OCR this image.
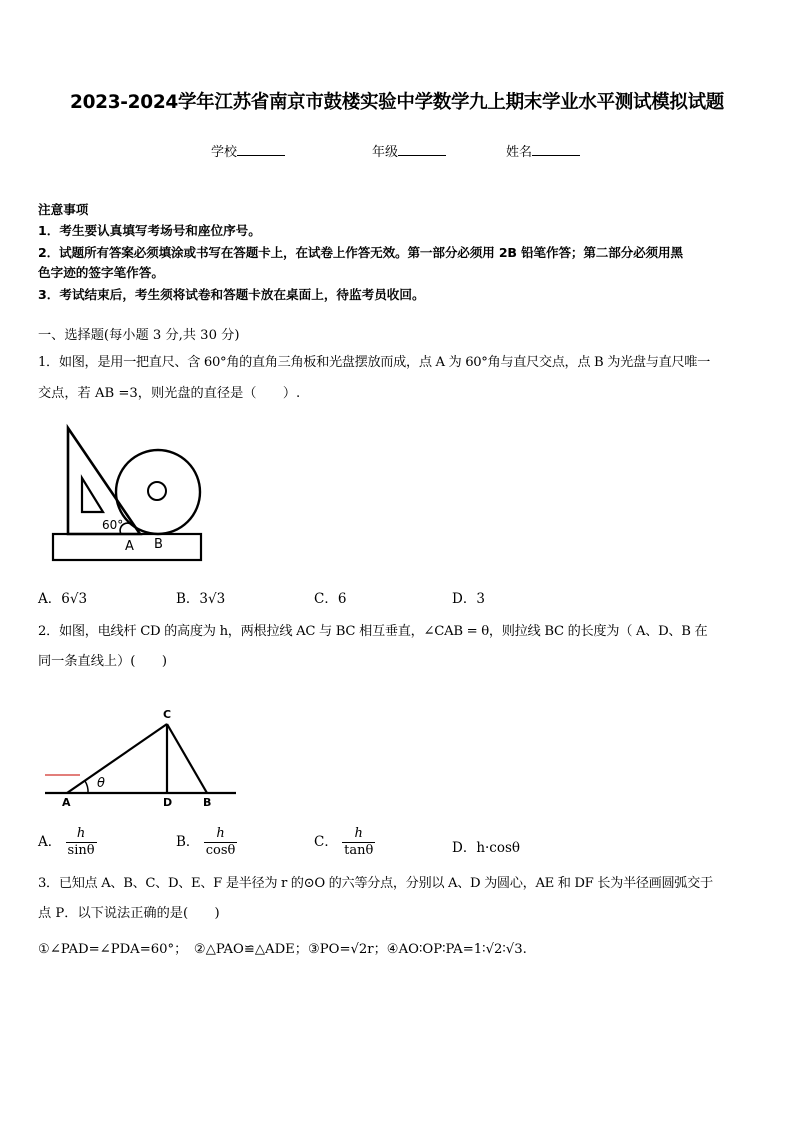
2023-2024学年江苏省南京市鼓楼实验中学数学九上期末学业水平测试模拟试题
学校	年级	姓名
注意事项
1．考生要认真填写考场号和座位序号。
2．试题所有答案必须填涂或书写在答题卡上，在试卷上作答无效。第一部分必须用 2B 铅笔作答；第二部分必须用黑
色字迹的签字笔作答。
3．考试结束后，考生须将试卷和答题卡放在桌面上，待监考员收回。
一、选择题(每小题 3 分,共 30 分)
1．如图，是用一把直尺、含 60°角的直角三角板和光盘摆放而成，点 A 为 60°角与直尺交点，点 B 为光盘与直尺唯一
交点，若 AB =3，则光盘的直径是（　　）.
60°
A B
A．6√3	B．3√3	C．6	D．3
2．如图，电线杆 CD 的高度为 h，两根拉线 AC 与 BC 相互垂直，∠CAB = θ，则拉线 BC 的长度为（ A、D、B 在
同一条直线上）(　　)
θ
C
A	D	B
A． $\frac{h}{\sin\theta}$	B． $\frac{h}{\cos\theta}$	C． $\frac{h}{\tan\theta}$	D．h·cosθ
3．已知点 A、B、C、D、E、F 是半径为 r 的⊙O 的六等分点，分别以 A、D 为圆心，AE 和 DF 长为半径画圆弧交于
点 P．以下说法正确的是(　　)
①∠PAD=∠PDA=60°；　②△PAO≌△ADE；③PO=√2r；④AO∶OP∶PA=1∶√2∶√3.
